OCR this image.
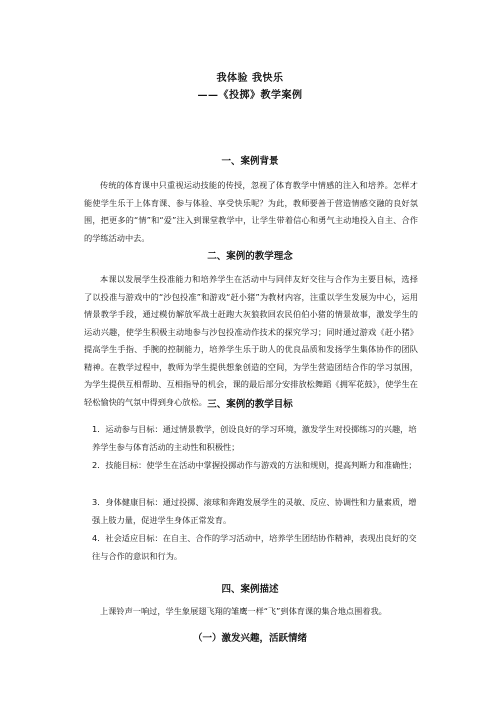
我体验 我快乐
——《投掷》教学案例
一、案例背景
传统的体育课中只重视运动技能的传授，忽视了体育教学中情感的注入和培养。怎样才能使学生乐于上体育课、参与体验、享受快乐呢？为此，教师要善于营造情感交融的良好氛围，把更多的“情”和“爱”注入到课堂教学中，让学生带着信心和勇气主动地投入自主、合作的学练活动中去。
二、案例的教学理念
本课以发展学生投准能力和培养学生在活动中与同伴友好交往与合作为主要目标，选择了以投准与游戏中的“沙包投准”和游戏“赶小猪”为教材内容，注重以学生发展为中心，运用情景教学手段，通过模仿解放军战士赶跑大灰狼救回农民伯伯小猪的情景故事，激发学生的运动兴趣，使学生积极主动地参与沙包投准动作技术的探究学习；同时通过游戏《赶小猪》提高学生手指、手腕的控制能力，培养学生乐于助人的优良品质和发扬学生集体协作的团队精神。在教学过程中，教师为学生提供想象创造的空间，为学生营造团结合作的学习氛围，为学生提供互相帮助、互相指导的机会，课的最后部分安排放松舞蹈《拥军花鼓》，使学生在轻松愉快的气氛中得到身心放松。 三、案例的教学目标
1．运动参与目标：通过情景教学，创设良好的学习环境，激发学生对投掷练习的兴趣，培养学生参与体育活动的主动性和积极性；
2．技能目标：使学生在活动中掌握投掷动作与游戏的方法和规则，提高判断力和准确性；
3．身体健康目标：通过投掷、滚球和奔跑发展学生的灵敏、反应、协调性和力量素质，增强上肢力量，促进学生身体正常发育。
4．社会适应目标：在自主、合作的学习活动中，培养学生团结协作精神，表现出良好的交往与合作的意识和行为。
四、案例描述
上课铃声一响过，学生象展翅飞翔的雏鹰一样“飞”到体育课的集合地点围着我。
（一）激发兴趣，活跃情绪
